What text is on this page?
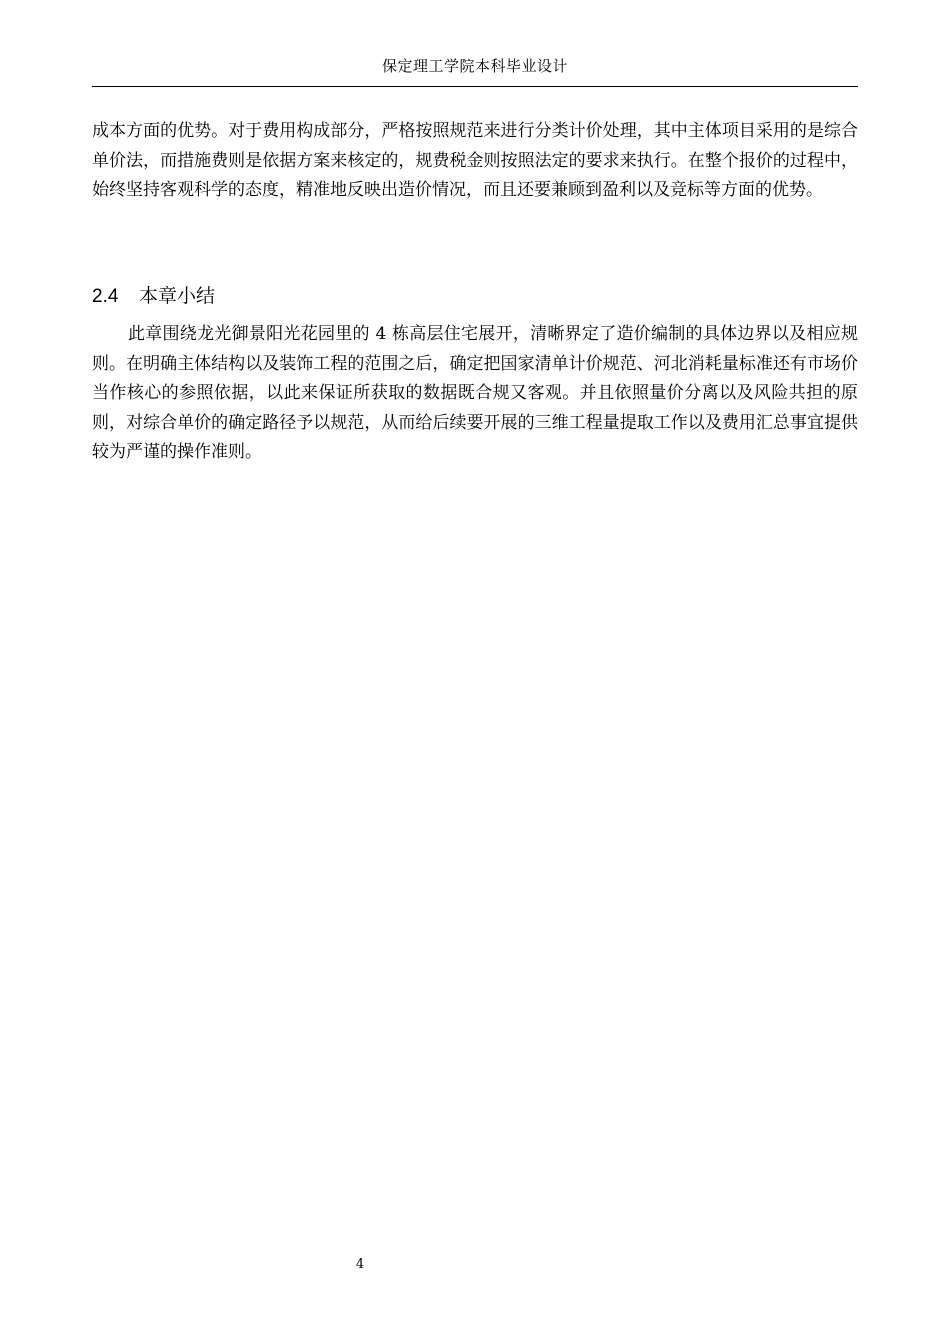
保定理工学院本科毕业设计

成本方面的优势。对于费用构成部分，严格按照规范来进行分类计价处理，其中主体项目采用的是综合单价法，而措施费则是依据方案来核定的，规费税金则按照法定的要求来执行。在整个报价的过程中，始终坚持客观科学的态度，精准地反映出造价情况，而且还要兼顾到盈利以及竞标等方面的优势。

2.4 本章小结

此章围绕龙光御景阳光花园里的 4 栋高层住宅展开，清晰界定了造价编制的具体边界以及相应规则。在明确主体结构以及装饰工程的范围之后，确定把国家清单计价规范、河北消耗量标准还有市场价当作核心的参照依据，以此来保证所获取的数据既合规又客观。并且依照量价分离以及风险共担的原则，对综合单价的确定路径予以规范，从而给后续要开展的三维工程量提取工作以及费用汇总事宜提供较为严谨的操作准则。

4
